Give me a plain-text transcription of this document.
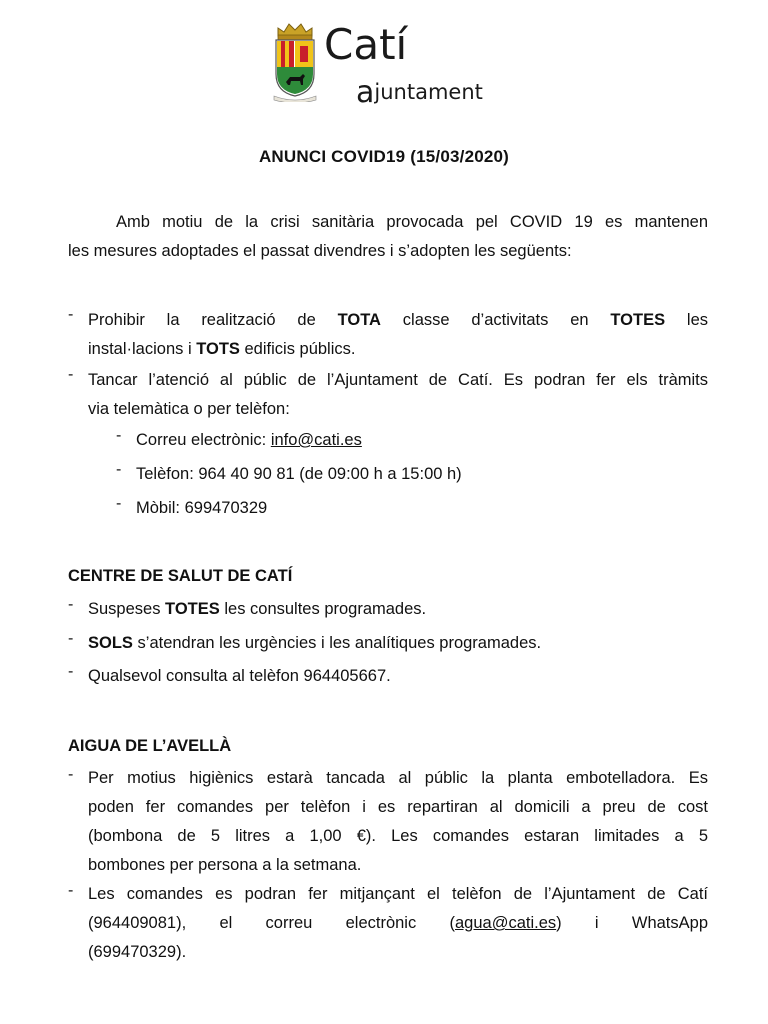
Catí
ajuntament
ANUNCI COVID19 (15/03/2020)
Amb motiu de la crisi sanitària provocada pel COVID 19 es mantenen
les mesures adoptades el passat divendres i s’adopten les següents:
- Prohibir la realització de TOTA classe d’activitats en TOTES les
instal·lacions i TOTS edificis públics.
- Tancar l’atenció al públic de l’Ajuntament de Catí. Es podran fer els tràmits
via telemàtica o per telèfon:
- Correu electrònic: info@cati.es
- Telèfon: 964 40 90 81 (de 09:00 h a 15:00 h)
- Mòbil: 699470329
CENTRE DE SALUT DE CATÍ
- Suspeses TOTES les consultes programades.
- SOLS s’atendran les urgències i les analítiques programades.
- Qualsevol consulta al telèfon 964405667.
AIGUA DE L’AVELLÀ
- Per motius higiènics estarà tancada al públic la planta embotelladora. Es
poden fer comandes per telèfon i es repartiran al domicili a preu de cost
(bombona de 5 litres a 1,00 €). Les comandes estaran limitades a 5
bombones per persona a la setmana.
- Les comandes es podran fer mitjançant el telèfon de l’Ajuntament de Catí
(964409081), el correu electrònic (agua@cati.es) i WhatsApp
(699470329).
